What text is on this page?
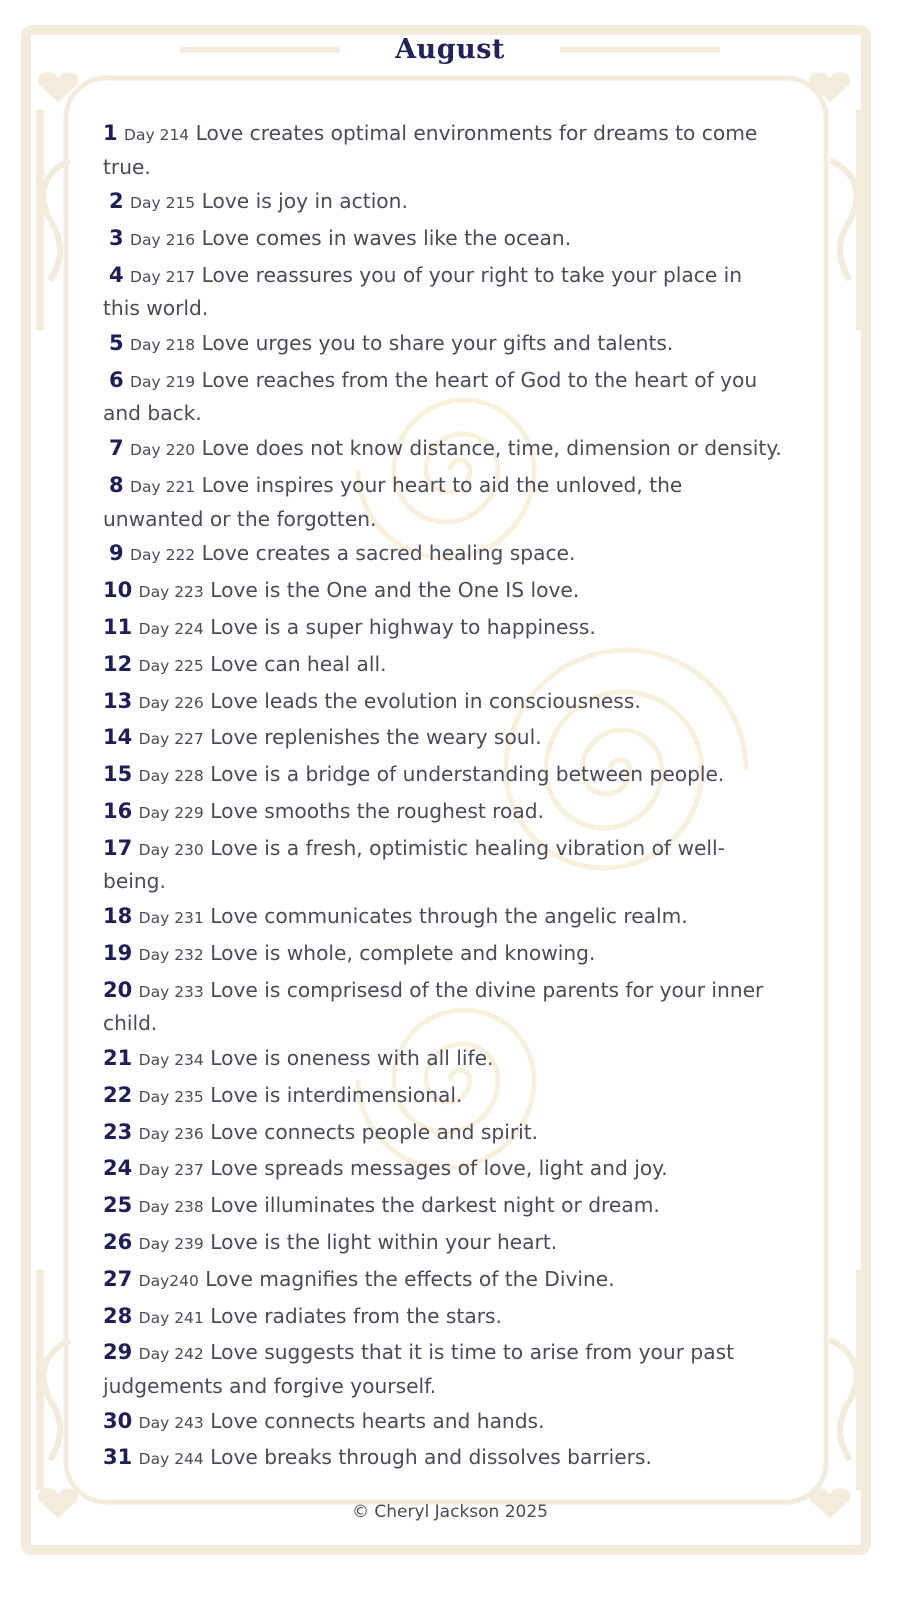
August
1 Day 214 Love creates optimal environments for dreams to come true.
2 Day 215 Love is joy in action.
3 Day 216 Love comes in waves like the ocean.
4 Day 217 Love reassures you of your right to take your place in this world.
5 Day 218 Love urges you to share your gifts and talents.
6 Day 219 Love reaches from the heart of God to the heart of you and back.
7 Day 220 Love does not know distance, time, dimension or density.
8 Day 221 Love inspires your heart to aid the unloved, the unwanted or the forgotten.
9 Day 222 Love creates a sacred healing space.
10 Day 223 Love is the One and the One IS love.
11 Day 224 Love is a super highway to happiness.
12 Day 225 Love can heal all.
13 Day 226 Love leads the evolution in consciousness.
14 Day 227 Love replenishes the weary soul.
15 Day 228 Love is a bridge of understanding between people.
16 Day 229 Love smooths the roughest road.
17 Day 230 Love is a fresh, optimistic healing vibration of well-being.
18 Day 231 Love communicates through the angelic realm.
19 Day 232 Love is whole, complete and knowing.
20 Day 233 Love is comprisesd of the divine parents for your inner child.
21 Day 234 Love is oneness with all life.
22 Day 235 Love is interdimensional.
23 Day 236 Love connects people and spirit.
24 Day 237 Love spreads messages of love, light and joy.
25 Day 238 Love illuminates the darkest night or dream.
26 Day 239 Love is the light within your heart.
27 Day240 Love magnifies the effects of the Divine.
28 Day 241 Love radiates from the stars.
29 Day 242 Love suggests that it is time to arise from your past judgements and forgive yourself.
30 Day 243 Love connects hearts and hands.
31 Day 244 Love breaks through and dissolves barriers.
© Cheryl Jackson 2025
